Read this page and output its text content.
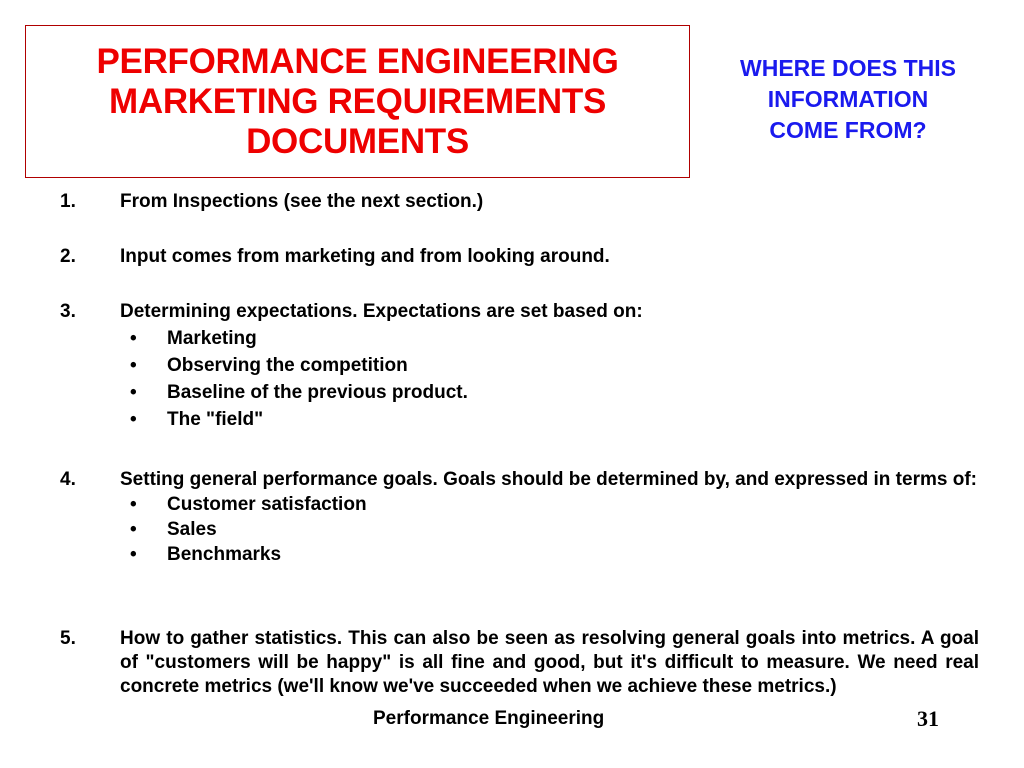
PERFORMANCE ENGINEERING
MARKETING REQUIREMENTS
DOCUMENTS
WHERE DOES THIS
INFORMATION
COME FROM?
1.	From Inspections (see the next section.)
2.	Input comes from marketing and from looking around.
3.	Determining expectations. Expectations are set based on:
• Marketing
• Observing the competition
• Baseline of the previous product.
• The "field"
4.	Setting general performance goals. Goals should be determined by, and expressed in terms of:
• Customer satisfaction
• Sales
• Benchmarks
5.	How to gather statistics. This can also be seen as resolving general goals into metrics. A goal of "customers will be happy" is all fine and good, but it's difficult to measure. We need real concrete metrics (we'll know we've succeeded when we achieve these metrics.)
Performance Engineering	31
